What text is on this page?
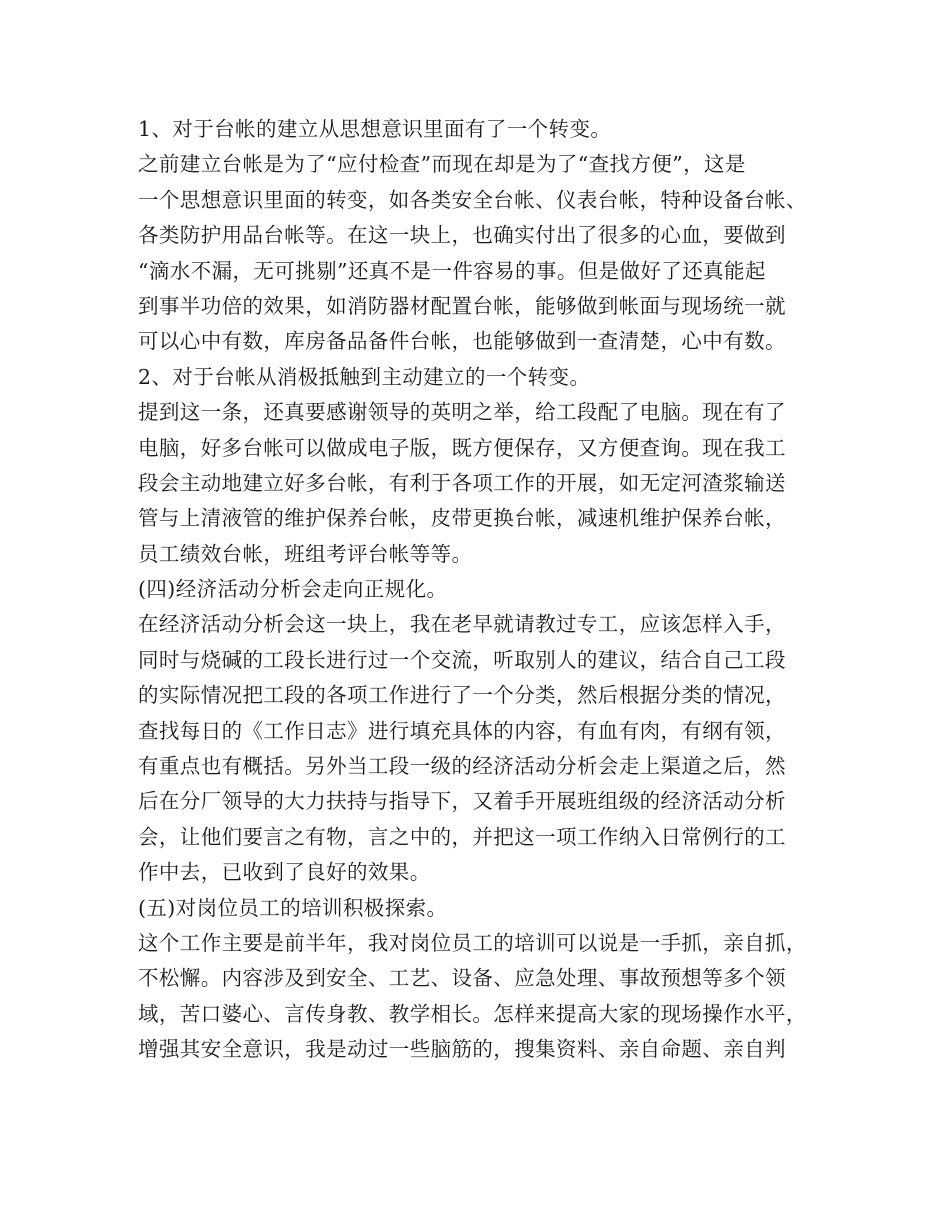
1、对于台帐的建立从思想意识里面有了一个转变。
之前建立台帐是为了“应付检查”而现在却是为了“查找方便”，这是
一个思想意识里面的转变，如各类安全台帐、仪表台帐，特种设备台帐、
各类防护用品台帐等。在这一块上，也确实付出了很多的心血，要做到
“滴水不漏，无可挑剔”还真不是一件容易的事。但是做好了还真能起
到事半功倍的效果，如消防器材配置台帐，能够做到帐面与现场统一就
可以心中有数，库房备品备件台帐，也能够做到一查清楚，心中有数。
2、对于台帐从消极抵触到主动建立的一个转变。
提到这一条，还真要感谢领导的英明之举，给工段配了电脑。现在有了
电脑，好多台帐可以做成电子版，既方便保存，又方便查询。现在我工
段会主动地建立好多台帐，有利于各项工作的开展，如无定河渣浆输送
管与上清液管的维护保养台帐，皮带更换台帐，减速机维护保养台帐，
员工绩效台帐，班组考评台帐等等。
(四)经济活动分析会走向正规化。
在经济活动分析会这一块上，我在老早就请教过专工，应该怎样入手，
同时与烧碱的工段长进行过一个交流，听取别人的建议，结合自己工段
的实际情况把工段的各项工作进行了一个分类，然后根据分类的情况，
查找每日的《工作日志》进行填充具体的内容，有血有肉，有纲有领，
有重点也有概括。另外当工段一级的经济活动分析会走上渠道之后，然
后在分厂领导的大力扶持与指导下，又着手开展班组级的经济活动分析
会，让他们要言之有物，言之中的，并把这一项工作纳入日常例行的工
作中去，已收到了良好的效果。
(五)对岗位员工的培训积极探索。
这个工作主要是前半年，我对岗位员工的培训可以说是一手抓，亲自抓，
不松懈。内容涉及到安全、工艺、设备、应急处理、事故预想等多个领
域，苦口婆心、言传身教、教学相长。怎样来提高大家的现场操作水平，
增强其安全意识，我是动过一些脑筋的，搜集资料、亲自命题、亲自判
